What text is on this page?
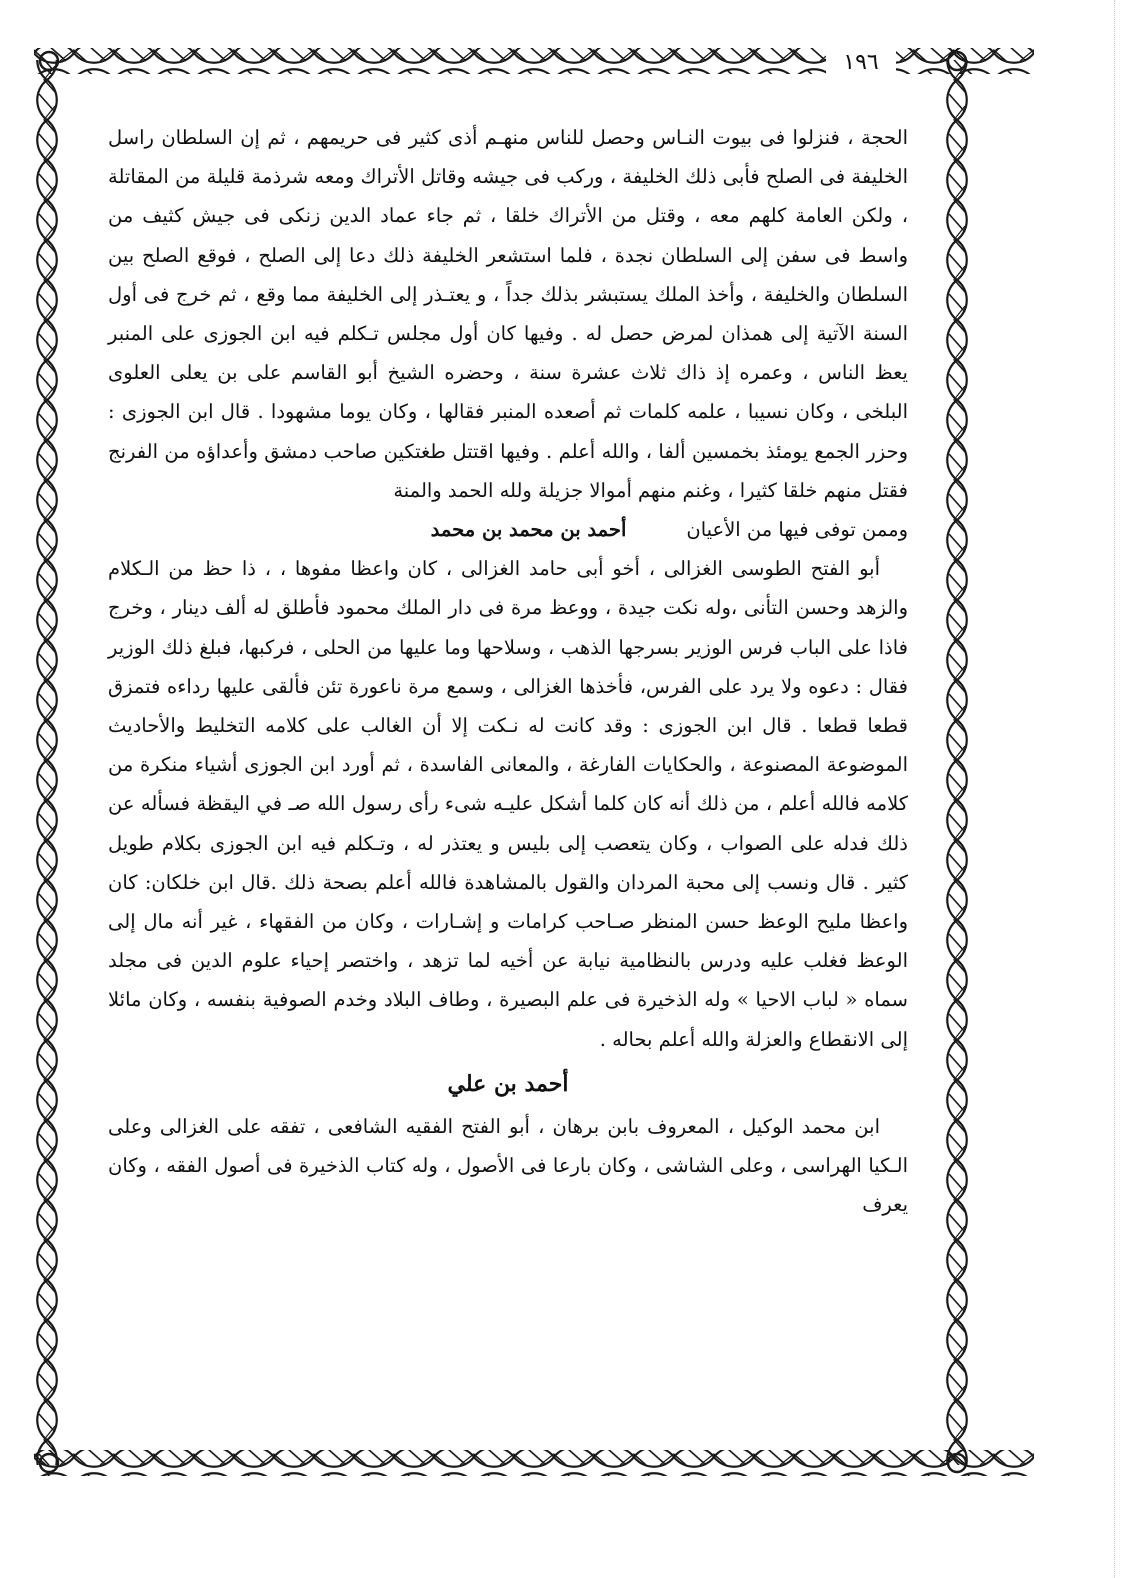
١٩٦

الحجة ، فنزلوا فى بيوت النـاس وحصل للناس منهـم أذى كثير فى حريمهم ، ثم إن السلطان راسل الخليفة فى الصلح فأبى ذلك الخليفة ، وركب فى جيشه وقاتل الأتراك ومعه شرذمة قليلة من المقاتلة ، ولكن العامة كلهم معه ، وقتل من الأتراك خلقا ، ثم جاء عماد الدين زنكى فى جيش كثيف من واسط فى سفن إلى السلطان نجدة ، فلما استشعر الخليفة ذلك دعا إلى الصلح ، فوقع الصلح بين السلطان والخليفة ، وأخذ الملك يستبشر بذلك جداً ، و يعتـذر إلى الخليفة مما وقع ، ثم خرج فى أول السنة الآتية إلى همذان لمرض حصل له . وفيها كان أول مجلس تـكلم فيه ابن الجوزى على المنبر يعظ الناس ، وعمره إذ ذاك ثلاث عشرة سنة ، وحضره الشيخ أبو القاسم على بن يعلى العلوى البلخى ، وكان نسيبا ، علمه كلمات ثم أصعده المنبر فقالها ، وكان يوما مشهودا . قال ابن الجوزى : وحزر الجمع يومئذ بخمسين ألفا ، والله أعلم . وفيها اقتتل طغتكين صاحب دمشق وأعداؤه من الفرنج فقتل منهم خلقا كثيرا ، وغنم منهم أموالا جزيلة ولله الحمد والمنة

وممن توفى فيها من الأعيان
أحمد بن محمد بن محمد

أبو الفتح الطوسى الغزالى ، أخو أبى حامد الغزالى ، كان واعظا مفوها ، ، ذا حظ من الـكلام والزهد وحسن التأنى ،وله نكت جيدة ، ووعظ مرة فى دار الملك محمود فأطلق له ألف دينار ، وخرج فاذا على الباب فرس الوزير بسرجها الذهب ، وسلاحها وما عليها من الحلى ، فركبها، فبلغ ذلك الوزير فقال : دعوه ولا يرد على الفرس، فأخذها الغزالى ، وسمع مرة ناعورة تئن فألقى عليها رداءه فتمزق قطعا قطعا . قال ابن الجوزى : وقد كانت له نـكت إلا أن الغالب على كلامه التخليط والأحاديث الموضوعة المصنوعة ، والحكايات الفارغة ، والمعانى الفاسدة ، ثم أورد ابن الجوزى أشياء منكرة من كلامه فالله أعلم ، من ذلك أنه كان كلما أشكل عليـه شىء رأى رسول الله صـ في اليقظة فسأله عن ذلك فدله على الصواب ، وكان يتعصب إلى بليس و يعتذر له ، وتـكلم فيه ابن الجوزى بكلام طويل كثير . قال ونسب إلى محبة المردان والقول بالمشاهدة فالله أعلم بصحة ذلك .قال ابن خلكان: كان واعظا مليح الوعظ حسن المنظر صـاحب كرامات و إشـارات ، وكان من الفقهاء ، غير أنه مال إلى الوعظ فغلب عليه ودرس بالنظامية نيابة عن أخيه لما تزهد ، واختصر إحياء علوم الدين فى مجلد سماه « لباب الاحيا » وله الذخيرة فى علم البصيرة ، وطاف البلاد وخدم الصوفية بنفسه ، وكان مائلا إلى الانقطاع والعزلة والله أعلم بحاله .

أحمد بن علي

ابن محمد الوكيل ، المعروف بابن برهان ، أبو الفتح الفقيه الشافعى ، تفقه على الغزالى وعلى الـكيا الهراسى ، وعلى الشاشى ، وكان بارعا فى الأصول ، وله كتاب الذخيرة فى أصول الفقه ، وكان يعرف
